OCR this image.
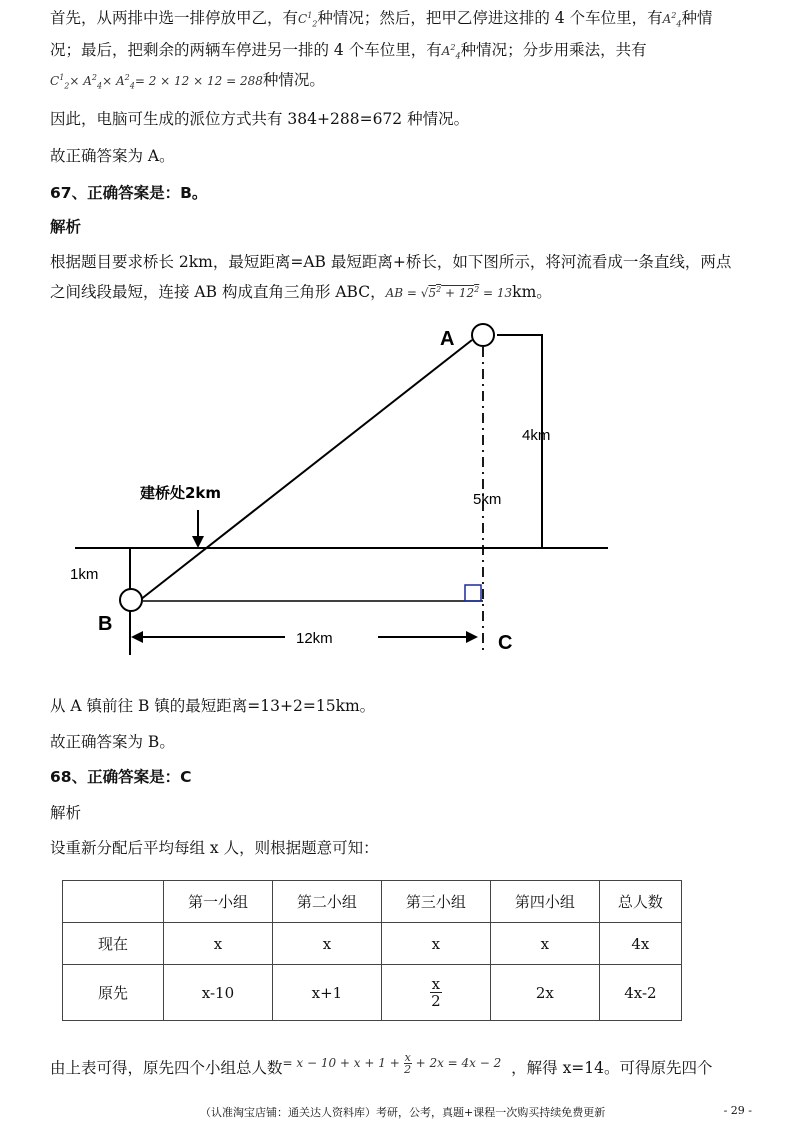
首先，从两排中选一排停放甲乙，有$C^1_2$种情况；然后，把甲乙停进这排的 4 个车位里，有$A^2_4$种情

况；最后，把剩余的两辆车停进另一排的 4 个车位里，有$A^2_4$种情况；分步用乘法，共有

$C^1_2\times A^2_4\times A^2_4= 2 \times 12 \times 12 = 288$种情况。

因此，电脑可生成的派位方式共有 384+288=672 种情况。

故正确答案为 A。

67、正确答案是：B。

解析

根据题目要求桥长 2km，最短距离=AB 最短距离+桥长，如下图所示，将河流看成一条直线，两点

之间线段最短，连接 AB 构成直角三角形 ABC，AB = $√5^2 + 12^2 = 13km$。

A
B
C
4km
5km
1km
12km
建桥处2km

从 A 镇前往 B 镇的最短距离=13+2=15km。

故正确答案为 B。

68、正确答案是：C

解析

设重新分配后平均每组 x 人，则根据题意可知：

	第一小组	第二小组	第三小组	第四小组	总人数
现在	x	x	x	x	4x
原先	x-10	x+1	$\frac{x}{2}$	2x	4x-2

由上表可得，原先四个小组总人数$^{= x - 10 + x + 1 + \frac{x}{2} + 2x = 4x - 2}$ ，解得 x=14。可得原先四个

（认准淘宝店铺：通关达人资料库）考研，公考，真题+课程一次购买持续免费更新	- 29 -
